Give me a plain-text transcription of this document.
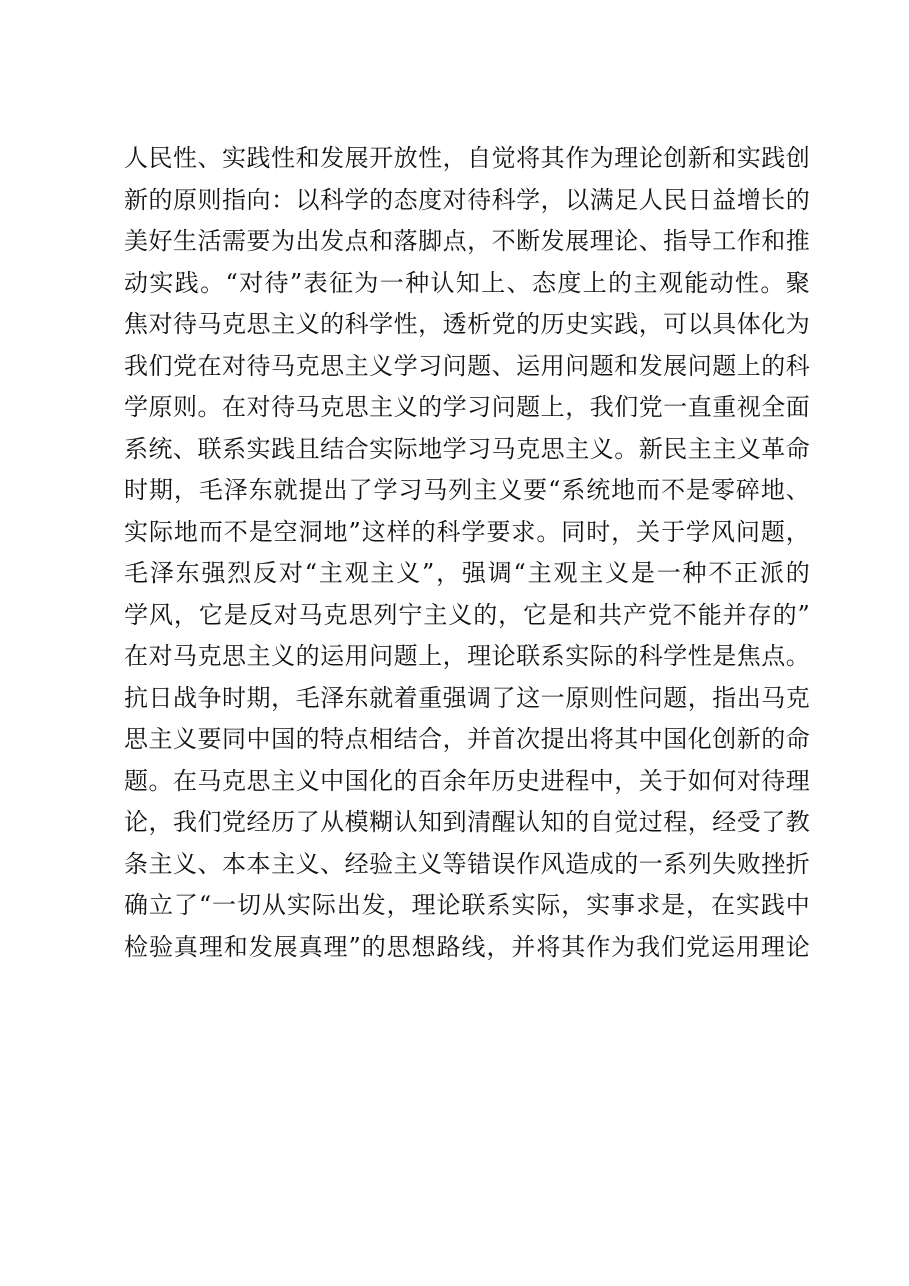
人民性、实践性和发展开放性，自觉将其作为理论创新和实践创
新的原则指向：以科学的态度对待科学，以满足人民日益增长的
美好生活需要为出发点和落脚点，不断发展理论、指导工作和推
动实践。“对待”表征为一种认知上、态度上的主观能动性。聚
焦对待马克思主义的科学性，透析党的历史实践，可以具体化为
我们党在对待马克思主义学习问题、运用问题和发展问题上的科
学原则。在对待马克思主义的学习问题上，我们党一直重视全面
系统、联系实践且结合实际地学习马克思主义。新民主主义革命
时期，毛泽东就提出了学习马列主义要“系统地而不是零碎地、
实际地而不是空洞地”这样的科学要求。同时，关于学风问题，
毛泽东强烈反对“主观主义”，强调“主观主义是一种不正派的
学风，它是反对马克思列宁主义的，它是和共产党不能并存的”
在对马克思主义的运用问题上，理论联系实际的科学性是焦点。
抗日战争时期，毛泽东就着重强调了这一原则性问题，指出马克
思主义要同中国的特点相结合，并首次提出将其中国化创新的命
题。在马克思主义中国化的百余年历史进程中，关于如何对待理
论，我们党经历了从模糊认知到清醒认知的自觉过程，经受了教
条主义、本本主义、经验主义等错误作风造成的一系列失败挫折
确立了“一切从实际出发，理论联系实际，实事求是，在实践中
检验真理和发展真理”的思想路线，并将其作为我们党运用理论
